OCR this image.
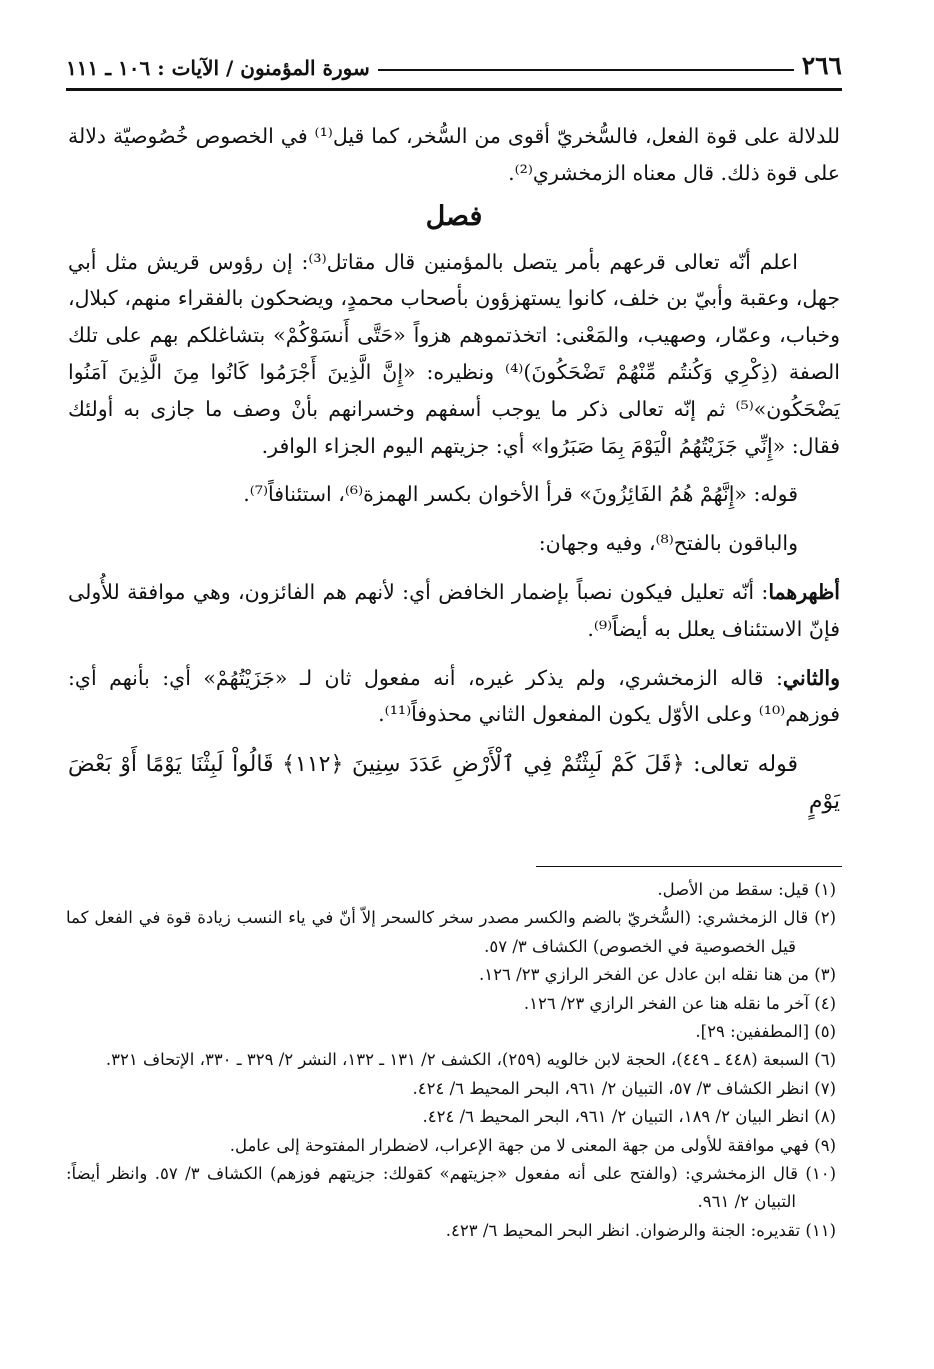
٢٦٦
سورة المؤمنون / الآيات : ١٠٦ ـ ١١١

للدلالة على قوة الفعل، فالسُّخريّ أقوى من السُّخر، كما قيل⁽¹⁾ في الخصوص خُصُوصيّة دلالة على قوة ذلك. قال معناه الزمخشري⁽²⁾.

فصل

اعلم أنّه تعالى قرعهم بأمر يتصل بالمؤمنين قال مقاتل⁽³⁾: إن رؤوس قريش مثل أبي جهل، وعقبة وأبيّ بن خلف، كانوا يستهزؤون بأصحاب محمدٍ، ويضحكون بالفقراء منهم، كبلال، وخباب، وعمّار، وصهيب، والمَعْنى: اتخذتموهم هزواً «حَتَّى أَنسَوْكُمْ» بتشاغلكم بهم على تلك الصفة (ذِكْرِي وَكُنتُم مِّنْهُمْ تَضْحَكُونَ)⁽⁴⁾ ونظيره: «إِنَّ الَّذِينَ أَجْرَمُوا كَانُوا مِنَ الَّذِينَ آمَنُوا يَضْحَكُون»⁽⁵⁾ ثم إنّه تعالى ذكر ما يوجب أسفهم وخسرانهم بأنْ وصف ما جازى به أولئك فقال: «إِنِّي جَزَيْتُهُمُ الْيَوْمَ بِمَا صَبَرُوا» أي: جزيتهم اليوم الجزاء الوافر.

قوله: «إِنَّهُمْ هُمُ الفَائِزُونَ» قرأ الأخوان بكسر الهمزة⁽⁶⁾، استئنافاً⁽⁷⁾.

والباقون بالفتح⁽⁸⁾، وفيه وجهان:

أظهرهما: أنّه تعليل فيكون نصباً بإضمار الخافض أي: لأنهم هم الفائزون، وهي موافقة للأُولى فإنّ الاستئناف يعلل به أيضاً⁽⁹⁾.

والثاني: قاله الزمخشري، ولم يذكر غيره، أنه مفعول ثان لـ «جَزَيْتُهُمْ» أي: بأنهم أي: فوزهم⁽¹⁰⁾ وعلى الأوّل يكون المفعول الثاني محذوفاً⁽¹¹⁾.

قوله تعالى: ﴿قَلَ كَمْ لَبِثْتُمْ فِي ٱلْأَرْضِ عَدَدَ سِنِينَ ﴿١١٢﴾ قَالُواْ لَبِثْنَا يَوْمًا أَوْ بَعْضَ يَوْمٍ

(١) قيل: سقط من الأصل.

(٢) قال الزمخشري: (السُّخريّ بالضم والكسر مصدر سخر كالسحر إلاّ أنّ في ياء النسب زيادة قوة في الفعل كما قيل الخصوصية في الخصوص) الكشاف ٣/ ٥٧.

(٣) من هنا نقله ابن عادل عن الفخر الرازي ٢٣/ ١٢٦.

(٤) آخر ما نقله هنا عن الفخر الرازي ٢٣/ ١٢٦.

(٥) [المطففين: ٢٩].

(٦) السبعة (٤٤٨ ـ ٤٤٩)، الحجة لابن خالويه (٢٥٩)، الكشف ٢/ ١٣١ ـ ١٣٢، النشر ٢/ ٣٢٩ ـ ٣٣٠، الإتحاف ٣٢١.

(٧) انظر الكشاف ٣/ ٥٧، التبيان ٢/ ٩٦١، البحر المحيط ٦/ ٤٢٤.

(٨) انظر البيان ٢/ ١٨٩، التبيان ٢/ ٩٦١، البحر المحيط ٦/ ٤٢٤.

(٩) فهي موافقة للأولى من جهة المعنى لا من جهة الإعراب، لاضطرار المفتوحة إلى عامل.

(١٠) قال الزمخشري: (والفتح على أنه مفعول «جزيتهم» كقولك: جزيتهم فوزهم) الكشاف ٣/ ٥٧. وانظر أيضاً: التبيان ٢/ ٩٦١.

(١١) تقديره: الجنة والرضوان. انظر البحر المحيط ٦/ ٤٢٣.
